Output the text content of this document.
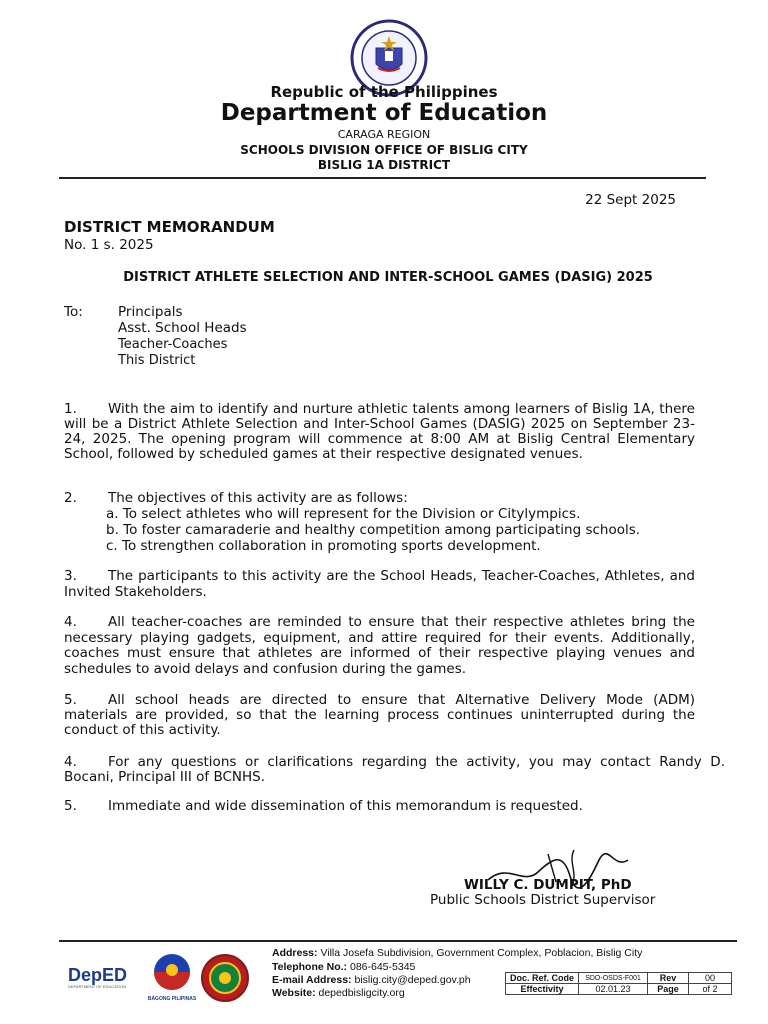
Republic of the Philippines
Department of Education
CARAGA REGION
SCHOOLS DIVISION OFFICE OF BISLIG CITY
BISLIG 1A DISTRICT
22 Sept 2025
DISTRICT MEMORANDUM
No. 1 s. 2025
DISTRICT ATHLETE SELECTION AND INTER-SCHOOL GAMES (DASIG) 2025
To:	Principals
Asst. School Heads
Teacher-Coaches
This District
1. With the aim to identify and nurture athletic talents among learners of Bislig 1A, there will be a District Athlete Selection and Inter-School Games (DASIG) 2025 on September 23-24, 2025. The opening program will commence at 8:00 AM at Bislig Central Elementary School, followed by scheduled games at their respective designated venues.
2. The objectives of this activity are as follows:
a. To select athletes who will represent for the Division or Citylympics.
b. To foster camaraderie and healthy competition among participating schools.
c. To strengthen collaboration in promoting sports development.
3. The participants to this activity are the School Heads, Teacher-Coaches, Athletes, and Invited Stakeholders.
4. All teacher-coaches are reminded to ensure that their respective athletes bring the necessary playing gadgets, equipment, and attire required for their events. Additionally, coaches must ensure that athletes are informed of their respective playing venues and schedules to avoid delays and confusion during the games.
5. All school heads are directed to ensure that Alternative Delivery Mode (ADM) materials are provided, so that the learning process continues uninterrupted during the conduct of this activity.
4. For any questions or clarifications regarding the activity, you may contact Randy D. Bocani, Principal III of BCNHS.
5. Immediate and wide dissemination of this memorandum is requested.
WILLY C. DUMPIT, PhD
Public Schools District Supervisor
DepED
DEPARTMENT OF EDUCATION
BAGONG PILIPINAS
Address: Villa Josefa Subdivision, Government Complex, Poblacion, Bislig City
Telephone No.: 086-645-5345
E-mail Address: bislig.city@deped.gov.ph
Website: depedbisligcity.org
Doc. Ref. Code	SDO-OSDS-F001	Rev	00
Effectivity	02.01.23	Page	of 2
